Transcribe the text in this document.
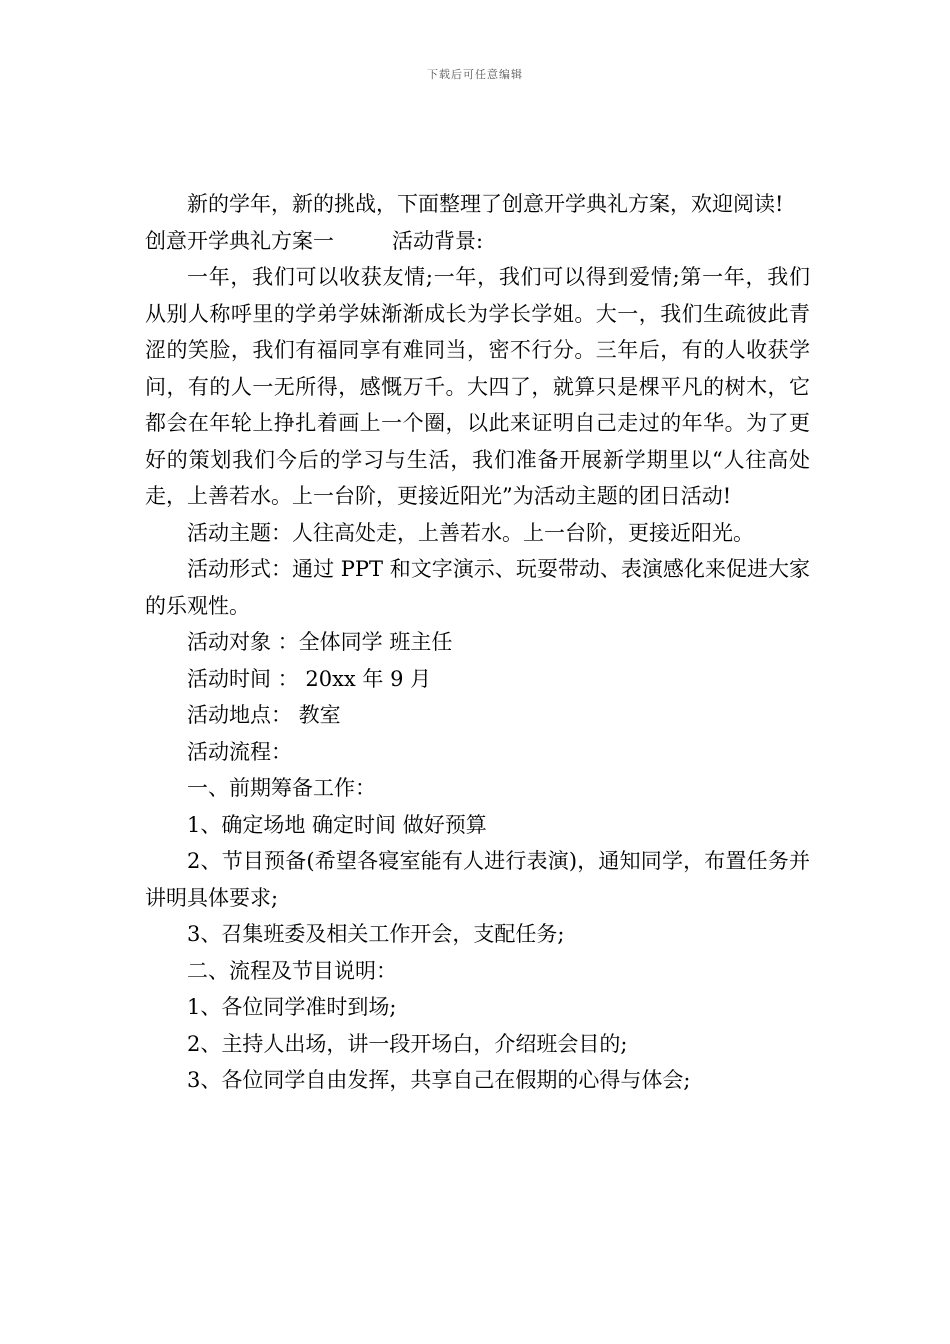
下载后可任意编辑

新的学年，新的挑战，下面整理了创意开学典礼方案，欢迎阅读!

创意开学典礼方案一	活动背景:

一年，我们可以收获友情;一年，我们可以得到爱情;第一年，我们从别人称呼里的学弟学妹渐渐成长为学长学姐。大一，我们生疏彼此青涩的笑脸，我们有福同享有难同当，密不行分。三年后，有的人收获学问，有的人一无所得，感慨万千。大四了，就算只是棵平凡的树木，它都会在年轮上挣扎着画上一个圈，以此来证明自己走过的年华。为了更好的策划我们今后的学习与生活，我们准备开展新学期里以“人往高处走，上善若水。上一台阶，更接近阳光”为活动主题的团日活动!

活动主题：人往高处走，上善若水。上一台阶，更接近阳光。

活动形式：通过 PPT 和文字演示、玩耍带动、表演感化来促进大家的乐观性。

活动对象 ：全体同学 班主任

活动时间 ： 20xx 年 9 月

活动地点： 教室

活动流程：

一、前期筹备工作：

1、确定场地 确定时间 做好预算

2、节目预备(希望各寝室能有人进行表演)，通知同学，布置任务并讲明具体要求;

3、召集班委及相关工作开会，支配任务;

二、流程及节目说明：

1、各位同学准时到场;

2、主持人出场，讲一段开场白，介绍班会目的;

3、各位同学自由发挥，共享自己在假期的心得与体会;
